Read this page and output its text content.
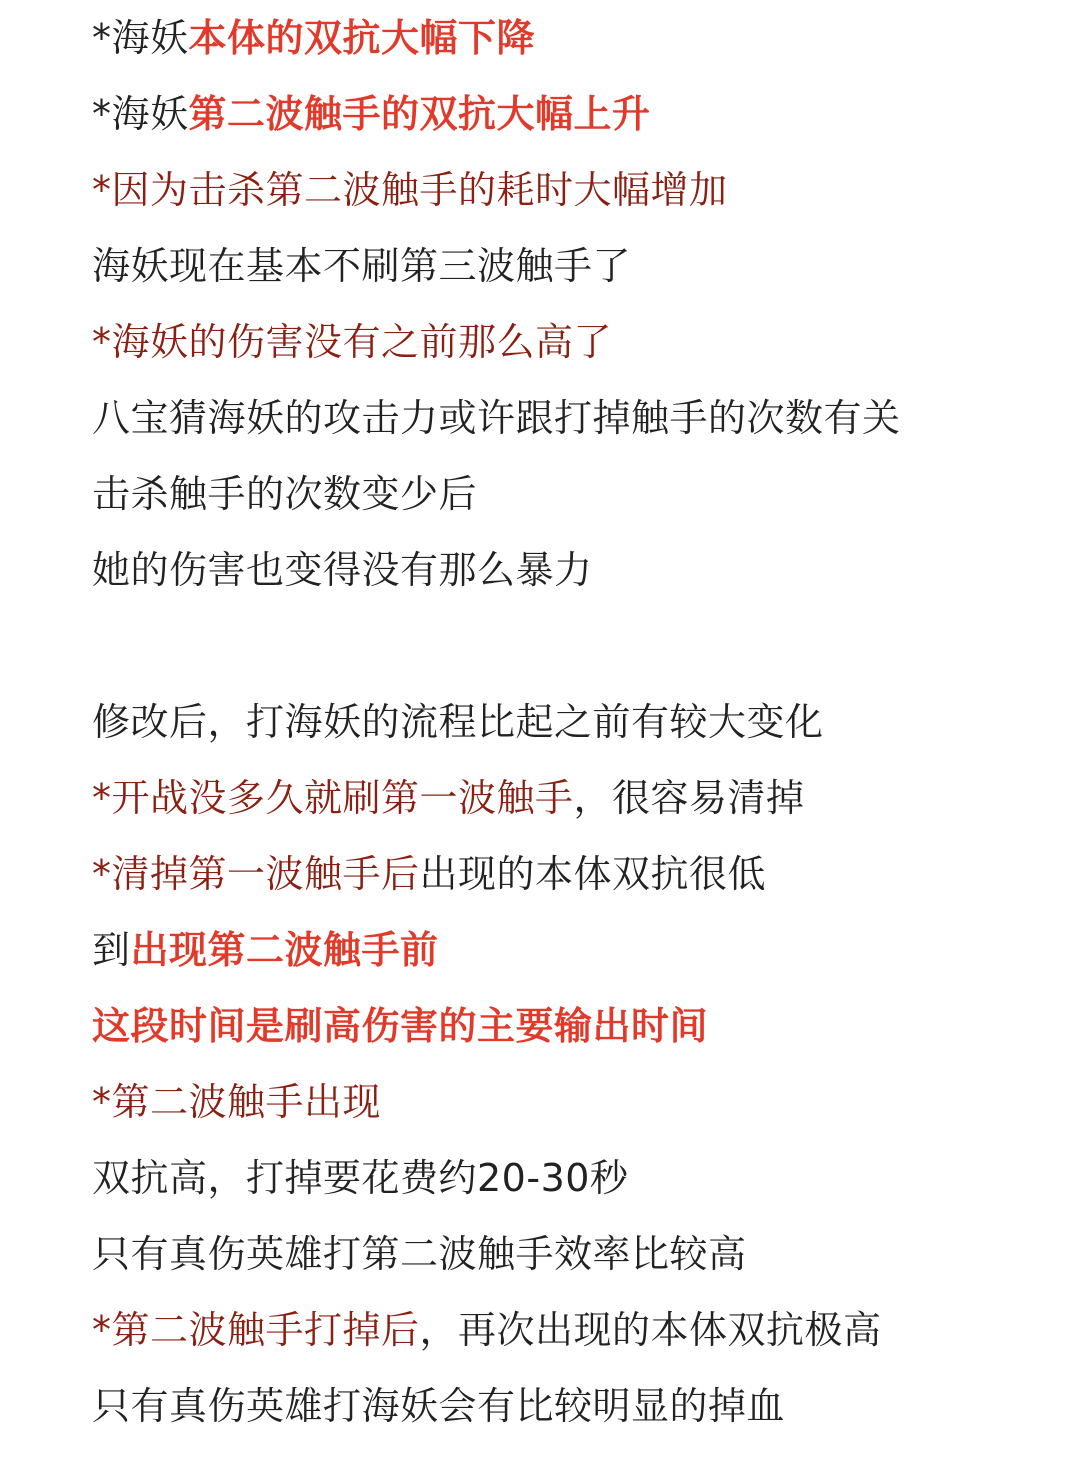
*海妖本体的双抗大幅下降
*海妖第二波触手的双抗大幅上升
*因为击杀第二波触手的耗时大幅增加
海妖现在基本不刷第三波触手了
*海妖的伤害没有之前那么高了
八宝猜海妖的攻击力或许跟打掉触手的次数有关
击杀触手的次数变少后
她的伤害也变得没有那么暴力
修改后，打海妖的流程比起之前有较大变化
*开战没多久就刷第一波触手，很容易清掉
*清掉第一波触手后出现的本体双抗很低
到出现第二波触手前
这段时间是刷高伤害的主要输出时间
*第二波触手出现
双抗高，打掉要花费约20-30秒
只有真伤英雄打第二波触手效率比较高
*第二波触手打掉后，再次出现的本体双抗极高
只有真伤英雄打海妖会有比较明显的掉血
